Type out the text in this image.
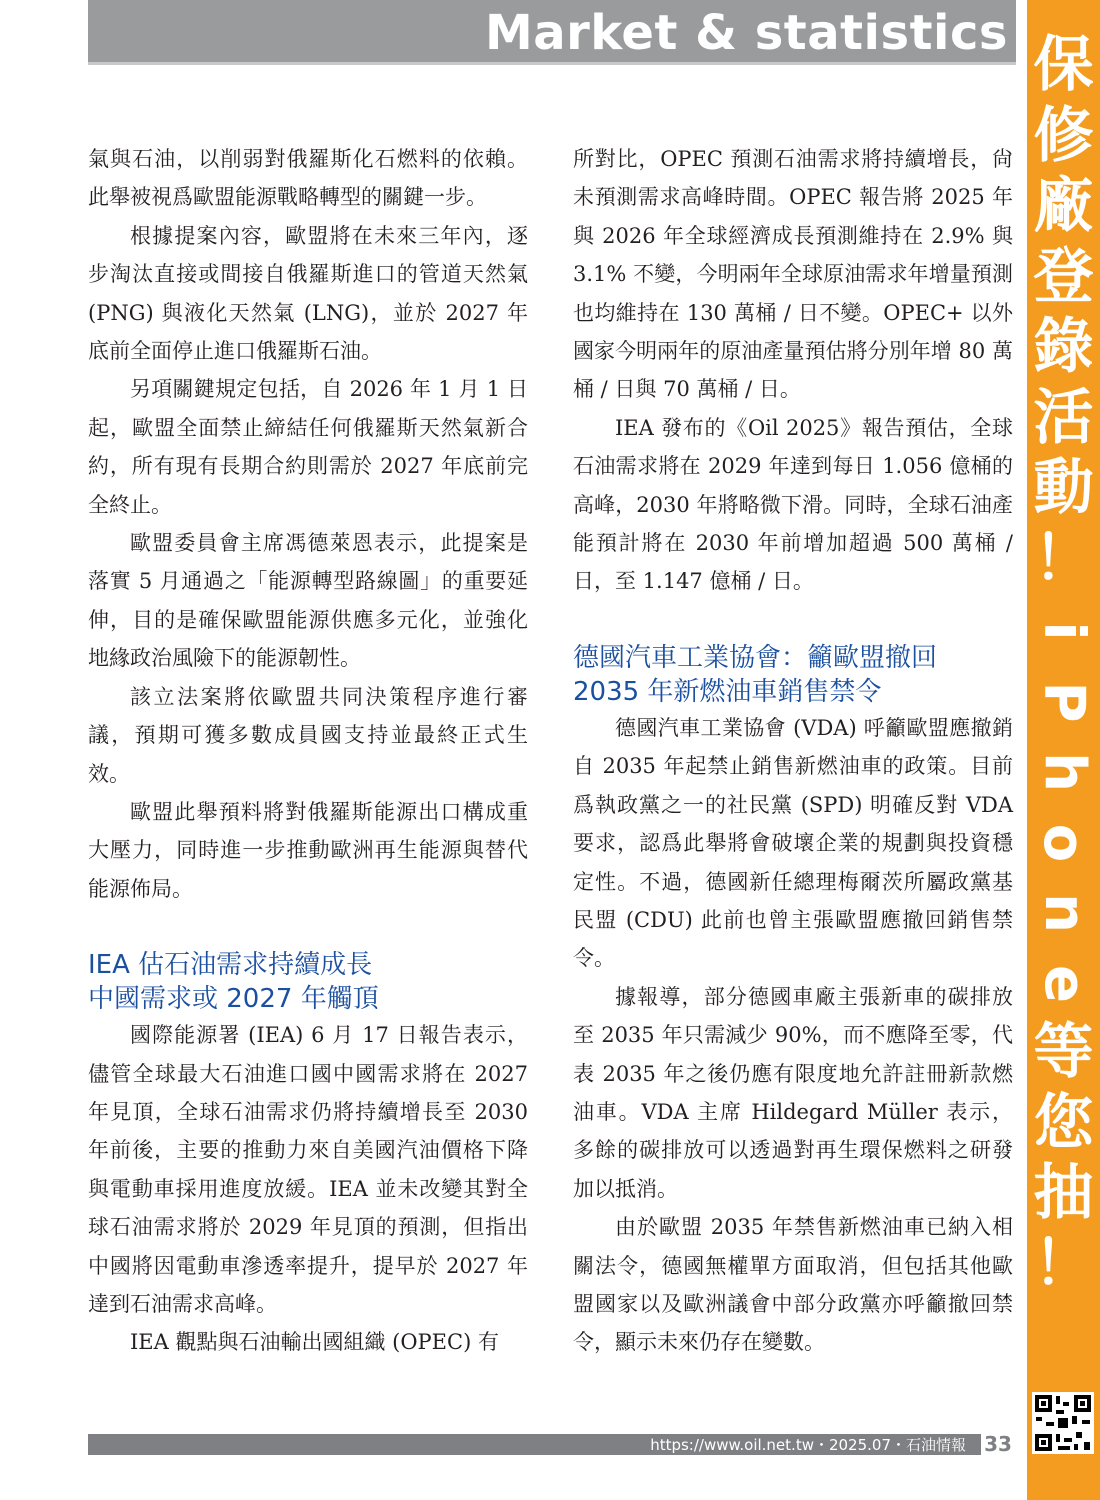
Market & statistics

氣與石油，以削弱對俄羅斯化石燃料的依賴。此舉被視爲歐盟能源戰略轉型的關鍵一步。

根據提案內容，歐盟將在未來三年內，逐步淘汰直接或間接自俄羅斯進口的管道天然氣 (PNG) 與液化天然氣 (LNG)，並於 2027 年底前全面停止進口俄羅斯石油。

另項關鍵規定包括，自 2026 年 1 月 1 日起，歐盟全面禁止締結任何俄羅斯天然氣新合約，所有現有長期合約則需於 2027 年底前完全終止。

歐盟委員會主席馮德萊恩表示，此提案是落實 5 月通過之「能源轉型路線圖」的重要延伸，目的是確保歐盟能源供應多元化，並強化地緣政治風險下的能源韌性。

該立法案將依歐盟共同決策程序進行審議，預期可獲多數成員國支持並最終正式生效。

歐盟此舉預料將對俄羅斯能源出口構成重大壓力，同時進一步推動歐洲再生能源與替代能源佈局。

IEA 估石油需求持續成長
中國需求或 2027 年觸頂

國際能源署 (IEA) 6 月 17 日報告表示，儘管全球最大石油進口國中國需求將在 2027 年見頂，全球石油需求仍將持續增長至 2030 年前後，主要的推動力來自美國汽油價格下降與電動車採用進度放緩。IEA 並未改變其對全球石油需求將於 2029 年見頂的預測，但指出中國將因電動車滲透率提升，提早於 2027 年達到石油需求高峰。

IEA 觀點與石油輸出國組織 (OPEC) 有

所對比，OPEC 預測石油需求將持續增長，尙未預測需求高峰時間。OPEC 報告將 2025 年與 2026 年全球經濟成長預測維持在 2.9% 與 3.1% 不變，今明兩年全球原油需求年增量預測也均維持在 130 萬桶 / 日不變。OPEC+ 以外國家今明兩年的原油產量預估將分別年增 80 萬桶 / 日與 70 萬桶 / 日。

IEA 發布的《Oil 2025》報告預估，全球石油需求將在 2029 年達到每日 1.056 億桶的高峰，2030 年將略微下滑。同時，全球石油產能預計將在 2030 年前增加超過 500 萬桶 / 日，至 1.147 億桶 / 日。

德國汽車工業協會：籲歐盟撤回
2035 年新燃油車銷售禁令

德國汽車工業協會 (VDA) 呼籲歐盟應撤銷自 2035 年起禁止銷售新燃油車的政策。目前爲執政黨之一的社民黨 (SPD) 明確反對 VDA 要求，認爲此舉將會破壞企業的規劃與投資穩定性。不過，德國新任總理梅爾茨所屬政黨基民盟 (CDU) 此前也曾主張歐盟應撤回銷售禁令。

據報導，部分德國車廠主張新車的碳排放至 2035 年只需減少 90%，而不應降至零，代表 2035 年之後仍應有限度地允許註冊新款燃油車。VDA 主席 Hildegard Müller 表示，多餘的碳排放可以透過對再生環保燃料之研發加以抵消。

由於歐盟 2035 年禁售新燃油車已納入相關法令，德國無權單方面取消，但包括其他歐盟國家以及歐洲議會中部分政黨亦呼籲撤回禁令，顯示未來仍存在變數。

保
修
廠
登
錄
活
動
！
i
P
h
o
n
e
等
您
抽
！
https://www.oil.net.tw・2025.07・石油情報 33
